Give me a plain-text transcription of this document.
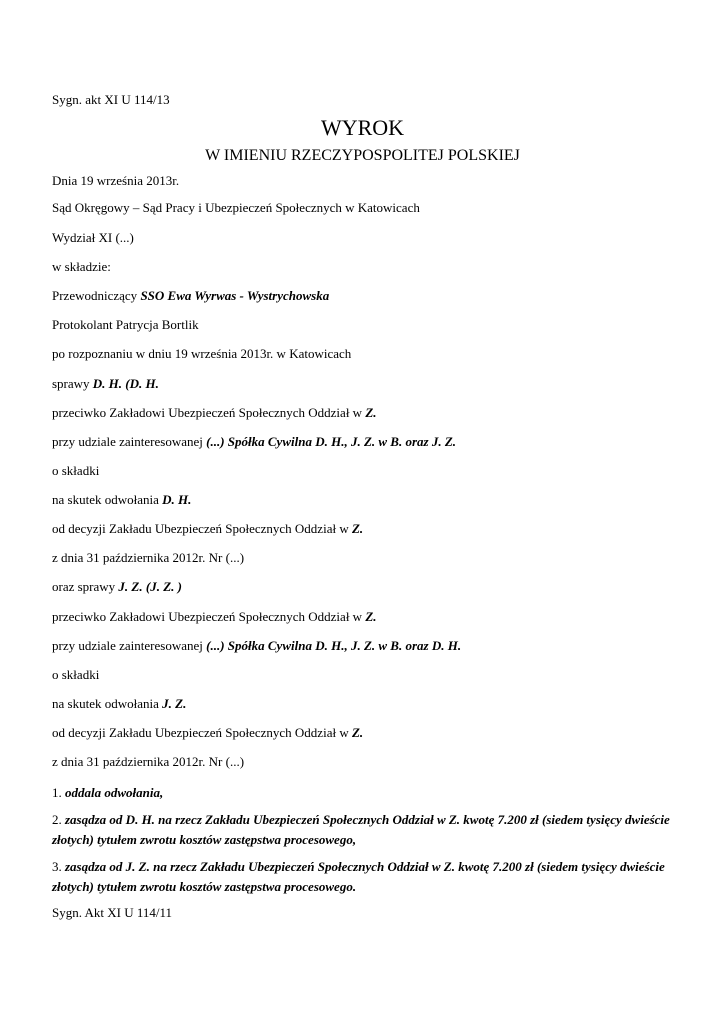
Sygn. akt XI U 114/13
WYROK
W IMIENIU RZECZYPOSPOLITEJ POLSKIEJ
Dnia 19 września 2013r.
Sąd Okręgowy – Sąd Pracy i Ubezpieczeń Społecznych w Katowicach
Wydział XI (...)
w składzie:
Przewodniczący SSO Ewa Wyrwas - Wystrychowska
Protokolant Patrycja Bortlik
po rozpoznaniu w dniu 19 września 2013r. w Katowicach
sprawy D. H. (D. H.
przeciwko Zakładowi Ubezpieczeń Społecznych Oddział w Z.
przy udziale zainteresowanej (...) Spółka Cywilna D. H., J. Z. w B. oraz J. Z.
o składki
na skutek odwołania D. H.
od decyzji Zakładu Ubezpieczeń Społecznych Oddział w Z.
z dnia 31 października 2012r. Nr (...)
oraz sprawy J. Z. (J. Z. )
przeciwko Zakładowi Ubezpieczeń Społecznych Oddział w Z.
przy udziale zainteresowanej (...) Spółka Cywilna D. H., J. Z. w B. oraz D. H.
o składki
na skutek odwołania J. Z.
od decyzji Zakładu Ubezpieczeń Społecznych Oddział w Z.
z dnia 31 października 2012r. Nr (...)
1. oddala odwołania,
2. zasądza od D. H. na rzecz Zakładu Ubezpieczeń Społecznych Oddział w Z. kwotę 7.200 zł (siedem tysięcy dwieście złotych) tytułem zwrotu kosztów zastępstwa procesowego,
3. zasądza od J. Z. na rzecz Zakładu Ubezpieczeń Społecznych Oddział w Z. kwotę 7.200 zł (siedem tysięcy dwieście złotych) tytułem zwrotu kosztów zastępstwa procesowego.
Sygn. Akt XI U 114/11
